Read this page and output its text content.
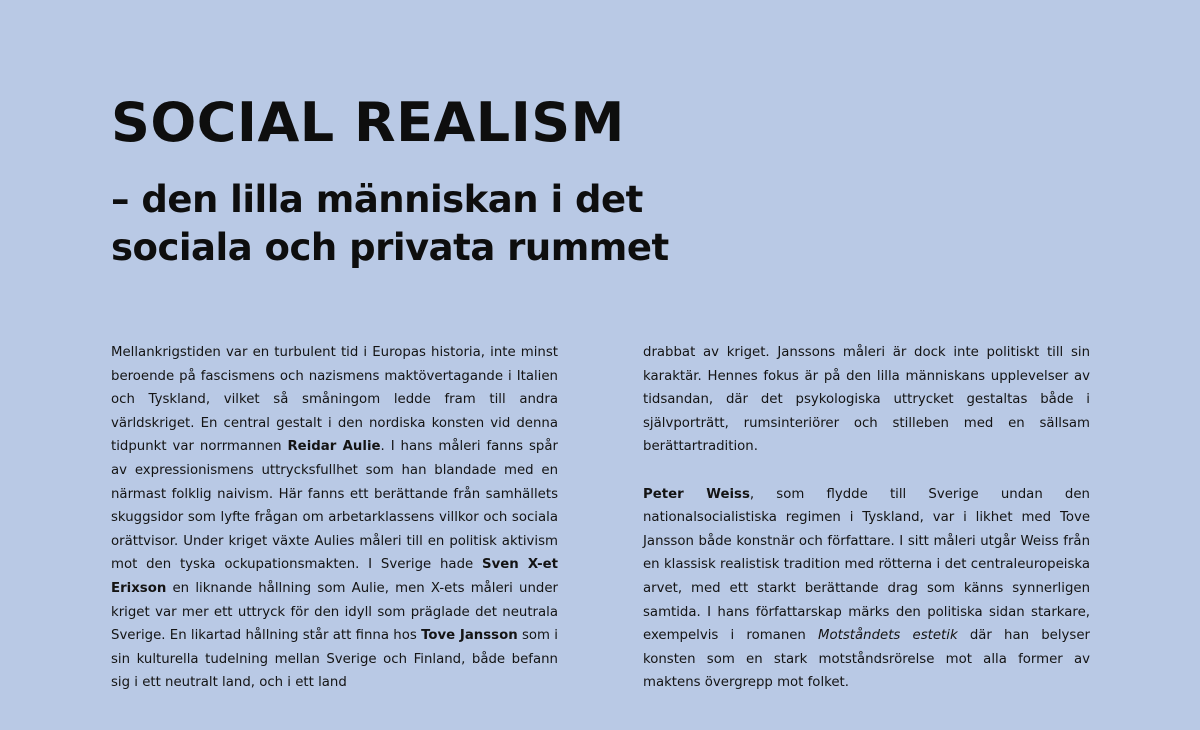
SOCIAL REALISM
– den lilla människan i det sociala och privata rummet

Mellankrigstiden var en turbulent tid i Europas historia, inte minst beroende på fascismens och nazismens maktövertagande i Italien och Tyskland, vilket så småningom ledde fram till andra världskriget. En central gestalt i den nordiska konsten vid denna tidpunkt var norrmannen Reidar Aulie. I hans måleri fanns spår av expressionismens uttrycksfullhet som han blandade med en närmast folklig naivism. Här fanns ett berättande från samhällets skuggsidor som lyfte frågan om arbetarklassens villkor och sociala orättvisor. Under kriget växte Aulies måleri till en politisk aktivism mot den tyska ockupationsmakten. I Sverige hade Sven X-et Erixson en liknande hållning som Aulie, men X-ets måleri under kriget var mer ett uttryck för den idyll som präglade det neutrala Sverige. En likartad hållning står att finna hos Tove Jansson som i sin kulturella tudelning mellan Sverige och Finland, både befann sig i ett neutralt land, och i ett land

drabbat av kriget. Janssons måleri är dock inte politiskt till sin karaktär. Hennes fokus är på den lilla människans upplevelser av tidsandan, där det psykologiska uttrycket gestaltas både i självporträtt, rumsinteriörer och stilleben med en sällsam berättartradition.

Peter Weiss, som flydde till Sverige undan den nationalsocialistiska regimen i Tyskland, var i likhet med Tove Jansson både konstnär och författare. I sitt måleri utgår Weiss från en klassisk realistisk tradition med rötterna i det centraleuropeiska arvet, med ett starkt berättande drag som känns synnerligen samtida. I hans författarskap märks den politiska sidan starkare, exempelvis i romanen Motståndets estetik där han belyser konsten som en stark motståndsrörelse mot alla former av maktens övergrepp mot folket.
